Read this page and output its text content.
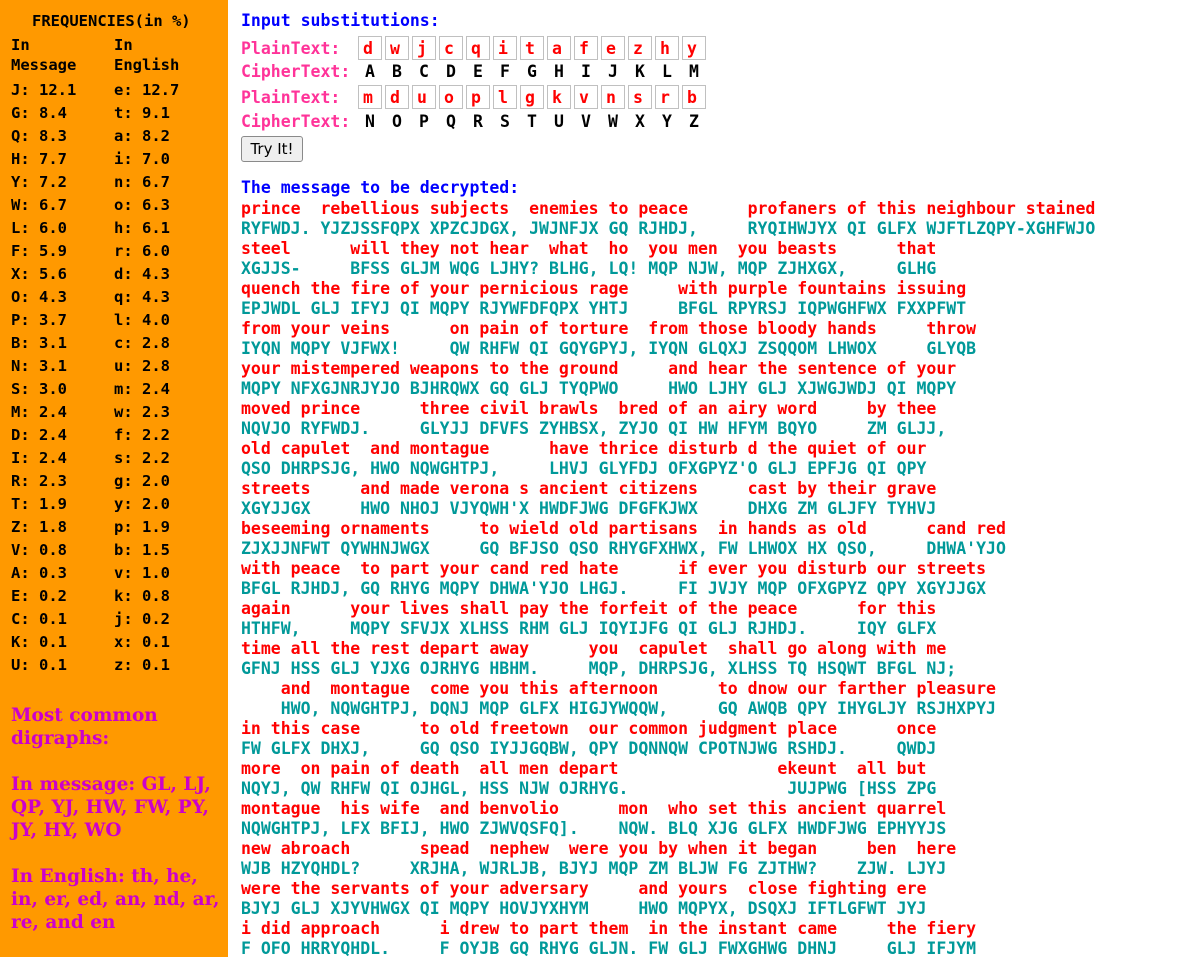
FREQUENCIES(in %)
In
Message
In
English
J: 12.1 e: 12.7
G: 8.4	t: 9.1
Q: 8.3	a: 8.2
H: 7.7	i: 7.0
Y: 7.2	n: 6.7
W: 6.7	o: 6.3
L: 6.0	h: 6.1
F: 5.9	r: 6.0
X: 5.6	d: 4.3
O: 4.3	q: 4.3
P: 3.7	l: 4.0
B: 3.1	c: 2.8
N: 3.1	u: 2.8
S: 3.0	m: 2.4
M: 2.4	w: 2.3
D: 2.4	f: 2.2
I: 2.4	s: 2.2
R: 2.3	g: 2.0
T: 1.9	y: 2.0
Z: 1.8	p: 1.9
V: 0.8	b: 1.5
A: 0.3	v: 1.0
E: 0.2	k: 0.8
C: 0.1	j: 0.2
K: 0.1	x: 0.1
U: 0.1	z: 0.1

Most common digraphs:

In message: GL, LJ, QP, YJ, HW, FW, PY, JY, HY, WO

In English: th, he, in, er, ed, an, nd, ar, re, and en

Input substitutions:

PlainText:

	d	w	j	c	q	i	t	a	f	e	z	h	y

CipherText:

A	B	C	D	E	F	G	H	I	J	K	L	M

PlainText:

	m	d	u	o	p	l	g	k	v	n	s	r	b

CipherText:

N	O	P	Q	R	S	T	U	V	W	X	Y	Z

Try It!
The message to be decrypted:
prince  rebellious subjects  enemies to peace      profaners of this neighbour stained
RYFWDJ. YJZJSSFQPX XPZCJDGX, JWJNFJX GQ RJHDJ,     RYQIHWJYX QI GLFX WJFTLZQPY-XGHFWJO
steel      will they not hear  what  ho  you men  you beasts      that
XGJJS-     BFSS GLJM WQG LJHY? BLHG, LQ! MQP NJW, MQP ZJHXGX,     GLHG
quench the fire of your pernicious rage     with purple fountains issuing
EPJWDL GLJ IFYJ QI MQPY RJYWFDFQPX YHTJ     BFGL RPYRSJ IQPWGHFWX FXXPFWT
from your veins      on pain of torture  from those bloody hands     throw
IYQN MQPY VJFWX!     QW RHFW QI GQYGPYJ, IYQN GLQXJ ZSQQOM LHWOX     GLYQB
your mistempered weapons to the ground     and hear the sentence of your
MQPY NFXGJNRJYJO BJHRQWX GQ GLJ TYQPWO     HWO LJHY GLJ XJWGJWDJ QI MQPY
moved prince      three civil brawls  bred of an airy word     by thee
NQVJO RYFWDJ.     GLYJJ DFVFS ZYHBSX, ZYJO QI HW HFYM BQYO     ZM GLJJ,
old capulet  and montague      have thrice disturb d the quiet of our
QSO DHRPSJG, HWO NQWGHTPJ,     LHVJ GLYFDJ OFXGPYZ'O GLJ EPFJG QI QPY
streets     and made verona s ancient citizens     cast by their grave
XGYJJGX     HWO NHOJ VJYQWH'X HWDFJWG DFGFKJWX     DHXG ZM GLJFY TYHVJ
beseeming ornaments     to wield old partisans  in hands as old      cand red
ZJXJJNFWT QYWHNJWGX     GQ BFJSO QSO RHYGFXHWX, FW LHWOX HX QSO,     DHWA'YJO
with peace  to part your cand red hate      if ever you disturb our streets
BFGL RJHDJ, GQ RHYG MQPY DHWA'YJO LHGJ.     FI JVJY MQP OFXGPYZ QPY XGYJJGX
again      your lives shall pay the forfeit of the peace      for this
HTHFW,     MQPY SFVJX XLHSS RHM GLJ IQYIJFG QI GLJ RJHDJ.     IQY GLFX
time all the rest depart away      you  capulet  shall go along with me
GFNJ HSS GLJ YJXG OJRHYG HBHM.     MQP, DHRPSJG, XLHSS TQ HSQWT BFGL NJ;
and  montague  come you this afternoon      to dnow our farther pleasure
HWO, NQWGHTPJ, DQNJ MQP GLFX HIGJYWQQW,     GQ AWQB QPY IHYGLJY RSJHXPYJ
in this case      to old freetown  our common judgment place      once
FW GLFX DHXJ,     GQ QSO IYJJGQBW, QPY DQNNQW CPOTNJWG RSHDJ.     QWDJ
more  on pain of death  all men depart                ekeunt  all but
NQYJ, QW RHFW QI OJHGL, HSS NJW OJRHYG.                JUJPWG [HSS ZPG
montague  his wife  and benvolio      mon  who set this ancient quarrel
NQWGHTPJ, LFX BFIJ, HWO ZJWVQSFQ].    NQW. BLQ XJG GLFX HWDFJWG EPHYYJS
new abroach       spead  nephew  were you by when it began     ben  here
WJB HZYQHDL?     XRJHA, WJRLJB, BJYJ MQP ZM BLJW FG ZJTHW?    ZJW. LJYJ
were the servants of your adversary     and yours  close fighting ere
BJYJ GLJ XJYVHWGX QI MQPY HOVJYXHYM     HWO MQPYX, DSQXJ IFTLGFWT JYJ
i did approach      i drew to part them  in the instant came     the fiery
F OFO HRRYQHDL.     F OYJB GQ RHYG GLJN. FW GLJ FWXGHWG DHNJ     GLJ IFJYM
